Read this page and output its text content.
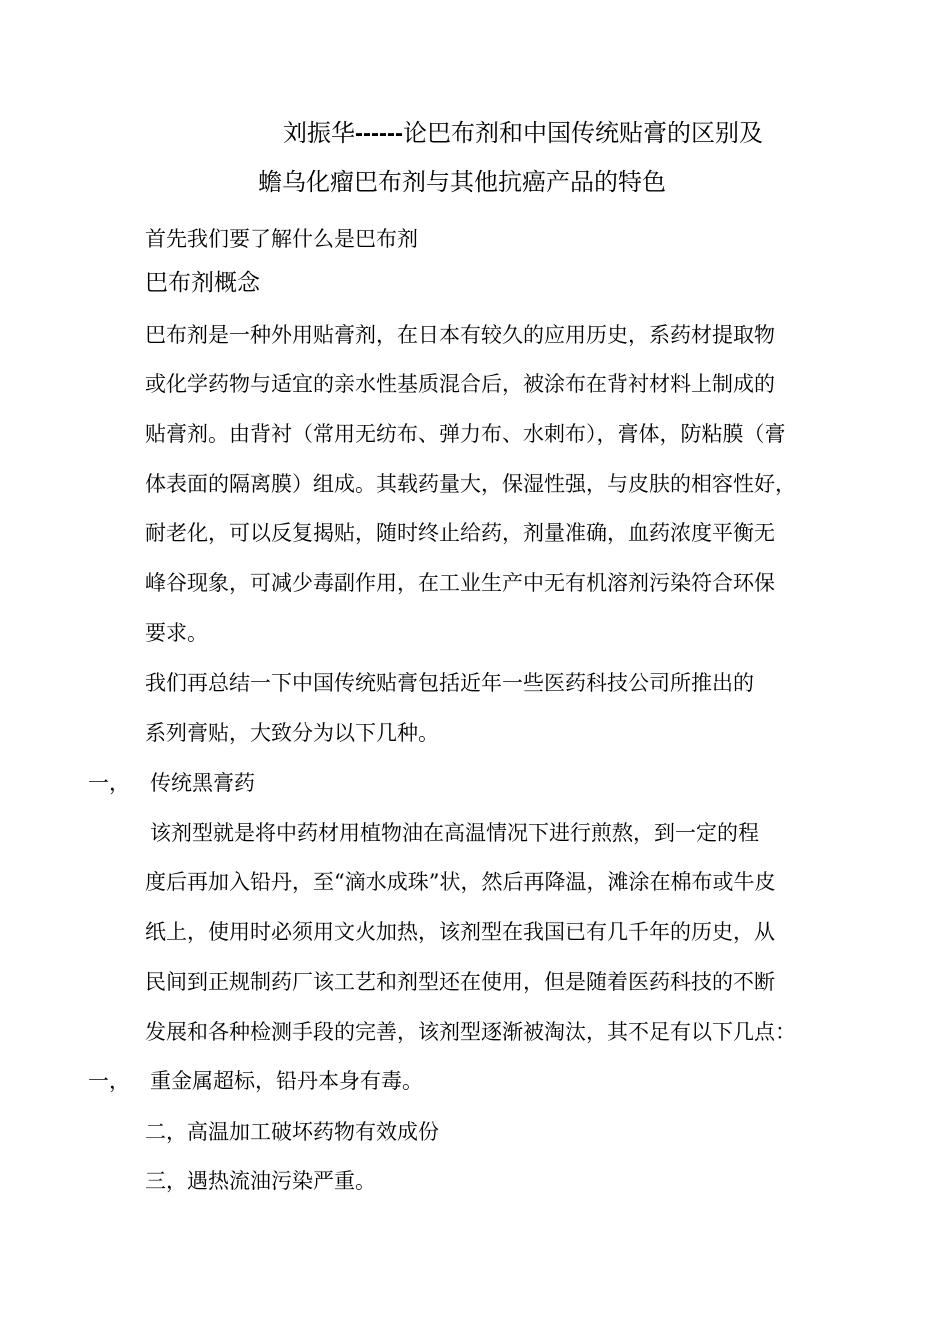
刘振华------论巴布剂和中国传统贴膏的区别及
蟾乌化瘤巴布剂与其他抗癌产品的特色
首先我们要了解什么是巴布剂
巴布剂概念
巴布剂是一种外用贴膏剂，在日本有较久的应用历史，系药材提取物
或化学药物与适宜的亲水性基质混合后，被涂布在背衬材料上制成的
贴膏剂。由背衬（常用无纺布、弹力布、水刺布），膏体，防粘膜（膏
体表面的隔离膜）组成。其载药量大，保湿性强，与皮肤的相容性好，
耐老化，可以反复揭贴，随时终止给药，剂量准确，血药浓度平衡无
峰谷现象，可减少毒副作用，在工业生产中无有机溶剂污染符合环保
要求。
我们再总结一下中国传统贴膏包括近年一些医药科技公司所推出的
系列膏贴，大致分为以下几种。
一， 传统黑膏药
该剂型就是将中药材用植物油在高温情况下进行煎熬，到一定的程
度后再加入铅丹，至“滴水成珠”状，然后再降温，滩涂在棉布或牛皮
纸上，使用时必须用文火加热，该剂型在我国已有几千年的历史，从
民间到正规制药厂该工艺和剂型还在使用，但是随着医药科技的不断
发展和各种检测手段的完善，该剂型逐渐被淘汰，其不足有以下几点：
一， 重金属超标，铅丹本身有毒。
二，高温加工破坏药物有效成份
三，遇热流油污染严重。
